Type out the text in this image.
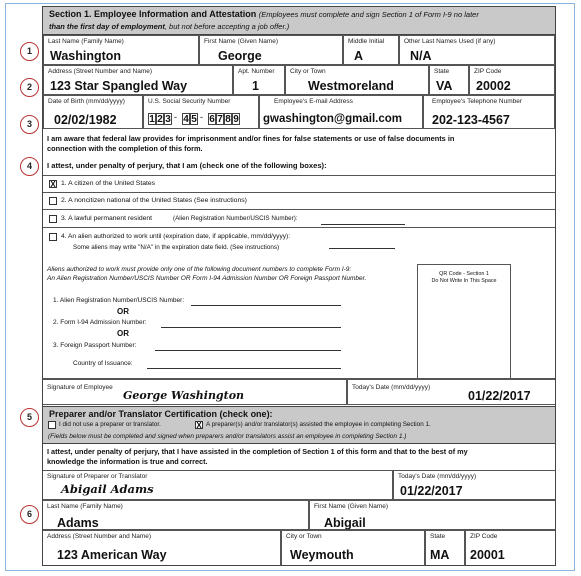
1
2
3
4
5
6
Section 1. Employee Information and Attestation (Employees must complete and sign Section 1 of Form I-9 no later
than the first day of employment, but not before accepting a job offer.)
Last Name (Family Name)
Washington
First Name (Given Name)
George
Middle Initial
A
Other Last Names Used (if any)
N/A
Address (Street Number and Name)
123 Star Spangled Way
Apt. Number
1
City or Town
Westmoreland
State
VA
ZIP Code
20002
Date of Birth (mm/dd/yyyy)
02/02/1982
U.S. Social Security Number
1 2 3 - 4 5 - 6 7 8 9
Employee's E-mail Address
gwashington@gmail.com
Employee's Telephone Number
202-123-4567
I am aware that federal law provides for imprisonment and/or fines for false statements or use of false documents in
connection with the completion of this form.
I attest, under penalty of perjury, that I am (check one of the following boxes):
X 1. A citizen of the United States
2. A noncitizen national of the United States (See instructions)
3. A lawful permanent resident	(Alien Registration Number/USCIS Number):
4. An alien authorized to work until (expiration date, if applicable, mm/dd/yyyy):
Some aliens may write "N/A" in the expiration date field. (See instructions)
Aliens authorized to work must provide only one of the following document numbers to complete Form I-9:
An Alien Registration Number/USCIS Number OR Form I-94 Admission Number OR Foreign Passport Number.
1. Alien Registration Number/USCIS Number:
OR
2. Form I-94 Admission Number:
OR
3. Foreign Passport Number:
Country of Issuance:
QR Code - Section 1
Do Not Write In This Space
Signature of Employee
George Washington
Today's Date (mm/dd/yyyy)
01/22/2017
Preparer and/or Translator Certification (check one):
I did not use a preparer or translator.	X A preparer(s) and/or translator(s) assisted the employee in completing Section 1.
(Fields below must be completed and signed when preparers and/or translators assist an employee in completing Section 1.)
I attest, under penalty of perjury, that I have assisted in the completion of Section 1 of this form and that to the best of my
knowledge the information is true and correct.
Signature of Preparer or Translator
Abigail Adams
Today's Date (mm/dd/yyyy)
01/22/2017
Last Name (Family Name)
Adams
First Name (Given Name)
Abigail
Address (Street Number and Name)
123 American Way
City or Town
Weymouth
State
MA
ZIP Code
20001
